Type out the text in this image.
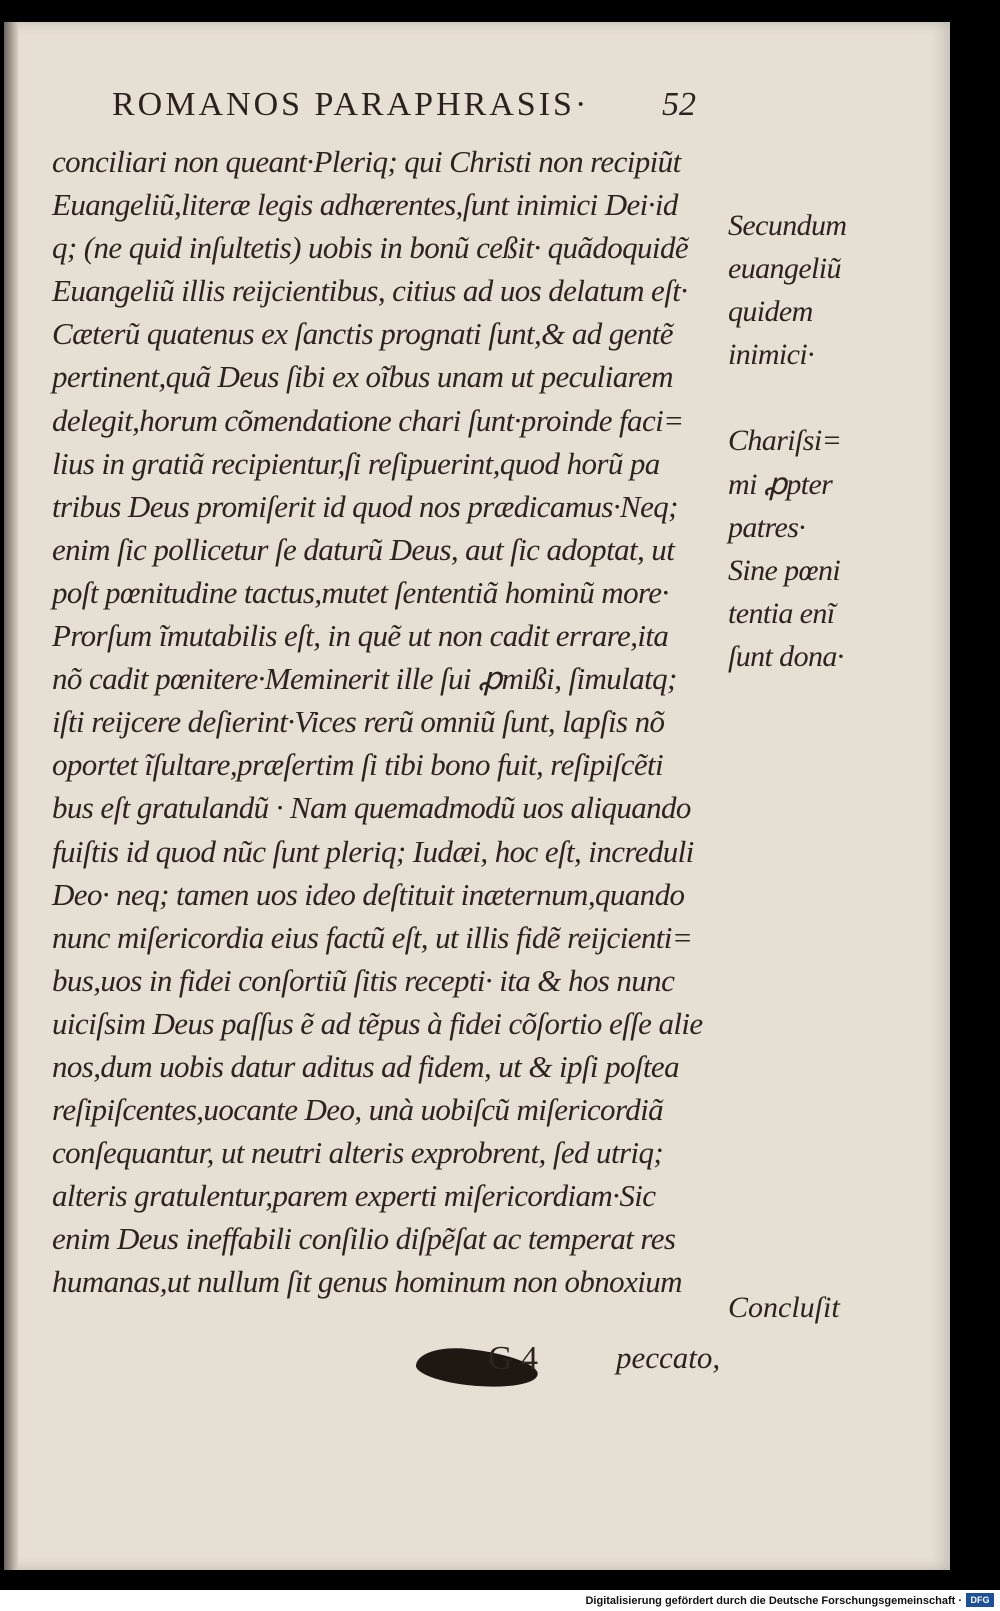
ROMANOS PARAPHRASIS·	52
conciliari non queant·Pleriq; qui Christi non recipiũt
Euangeliũ,literæ legis adhærentes,ſunt inimici Dei·id
q; (ne quid inſultetis) uobis in bonũ ceßit· quãdoquidẽ
Euangeliũ illis reijcientibus, citius ad uos delatum eſt·
Cæterũ quatenus ex ſanctis prognati ſunt,& ad gentẽ
pertinent,quã Deus ſibi ex oĩbus unam ut peculiarem
delegit,horum cõmendatione chari ſunt·proinde faci=
lius in gratiã recipientur,ſi reſipuerint,quod horũ pa
tribus Deus promiſerit id quod nos prædicamus·Neq;
enim ſic pollicetur ſe daturũ Deus, aut ſic adoptat, ut
poſt pœnitudine tactus,mutet ſententiã hominũ more·
Prorſum ĩmutabilis eſt, in quẽ ut non cadit errare,ita
nõ cadit pœnitere·Meminerit ille ſui ꝓmißi, ſimulatq;
iſti reijcere deſierint·Vices rerũ omniũ ſunt, lapſis nõ
oportet ĩſultare,præſertim ſi tibi bono fuit, reſipiſcẽti
bus eſt gratulandũ · Nam quemadmodũ uos aliquando
fuiſtis id quod nũc ſunt pleriq; Iudæi, hoc eſt, increduli
Deo· neq; tamen uos ideo deſtituit inæternum,quando
nunc miſericordia eius factũ eſt, ut illis fidẽ reijcienti=
bus,uos in fidei conſortiũ ſitis recepti· ita & hos nunc
uiciſsim Deus paſſus ẽ ad tẽpus à fidei cõſortio eſſe alie
nos,dum uobis datur aditus ad fidem, ut & ipſi poſtea
reſipiſcentes,uocante Deo, unà uobiſcũ miſericordiã
conſequantur, ut neutri alteris exprobrent, ſed utriq;
alteris gratulentur,parem experti miſericordiam·Sic
enim Deus ineffabili conſilio diſpẽſat ac temperat res
humanas,ut nullum ſit genus hominum non obnoxium
Secundum
euangeliũ
quidem
inimici·
Chariſsi=
mi ꝓpter
patres·
Sine pœni
tentia enĩ
ſunt dona·
Concluſit
G 4	peccato,
Digitalisierung gefördert durch die Deutsche Forschungsgemeinschaft · DFG
